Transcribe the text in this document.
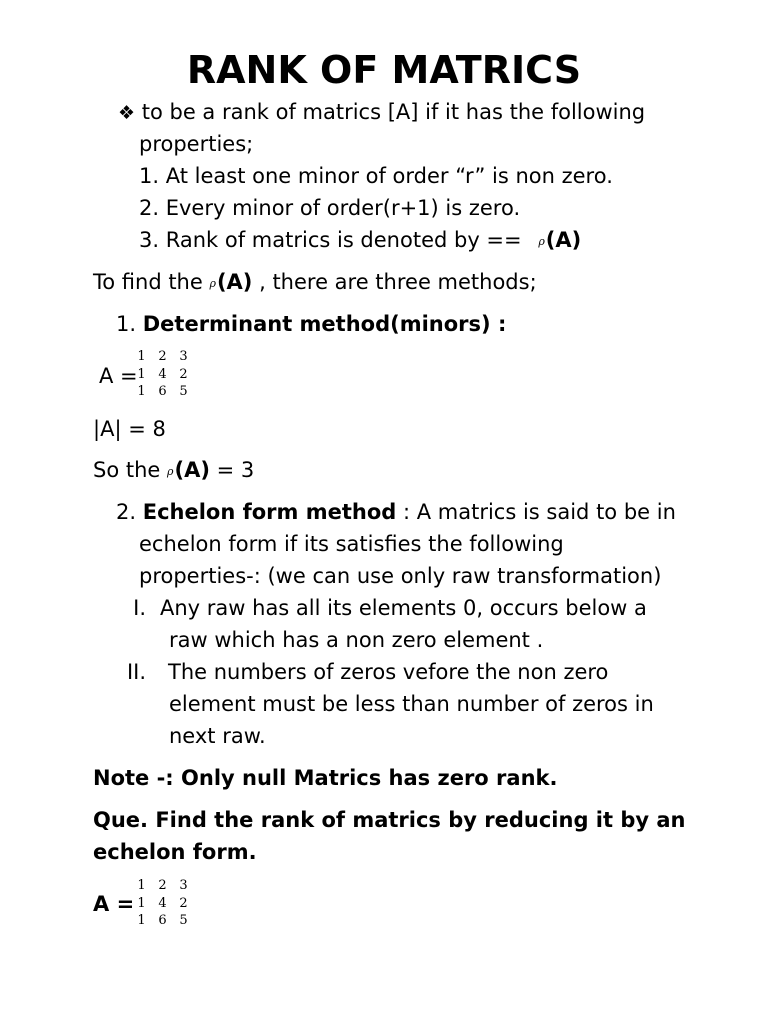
RANK OF MATRICS
❖ to be a rank of matrics [A] if it has the following
properties;
1. At least one minor of order “r” is non zero.
2. Every minor of order(r+1) is zero.
3. Rank of matrics is denoted by == ρ(A)
To find the ρ(A) , there are three methods;
1. Determinant method(minors) :
A =
1 2 3
1 4 2
1 6 5
|A| = 8
So the ρ(A) = 3
2. Echelon form method : A matrics is said to be in
echelon form if its satisfies the following
properties-: (we can use only raw transformation)
I. Any raw has all its elements 0, occurs below a
raw which has a non zero element .
II. The numbers of zeros vefore the non zero
element must be less than number of zeros in
next raw.
Note -: Only null Matrics has zero rank.
Que. Find the rank of matrics by reducing it by an
echelon form.
A =
1 2 3
1 4 2
1 6 5
